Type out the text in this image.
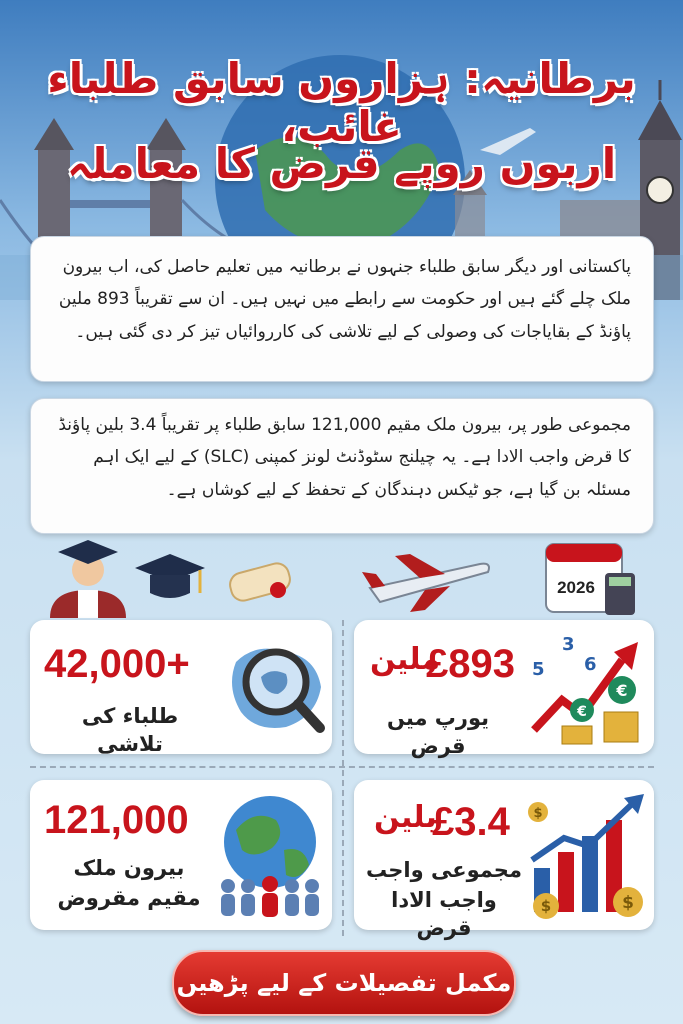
برطانیہ: ہزاروں سابق طلباء غائب،
اربوں روپے قرض کا معاملہ
پاکستانی اور دیگر سابق طلباء جنہوں نے برطانیہ میں تعلیم حاصل کی، اب بیرون ملک چلے گئے ہیں اور حکومت سے رابطے میں نہیں ہیں۔ ان سے تقریباً 893 ملین پاؤنڈ کے بقایاجات کی وصولی کے لیے تلاشی کی کارروائیاں تیز کر دی گئی ہیں۔
مجموعی طور پر، بیرون ملک مقیم 121,000 سابق طلباء پر تقریباً 3.4 بلین پاؤنڈ کا قرض واجب الادا ہے۔ یہ چیلنج سٹوڈنٹ لونز کمپنی (SLC) کے لیے ایک اہم مسئلہ بن گیا ہے، جو ٹیکس دہندگان کے تحفظ کے لیے کوشاں ہے۔
2026
42,000+
طلباء کی تلاشی
£893
ملین
یورپ میں قرض
€
€
3
5 6
121,000
بیرون ملک
مقیم مقروض
£3.4
بلین
مجموعی واجب
واجب الادا قرض
$
$	$
مکمل تفصیلات کے لیے پڑھیں
